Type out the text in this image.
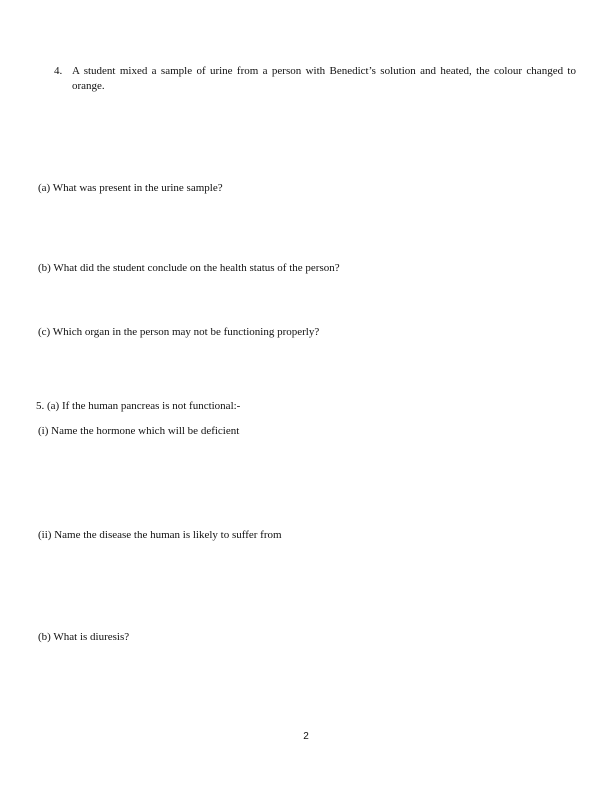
4. A student mixed a sample of urine from a person with Benedict’s solution and heated, the colour changed to orange.
(a) What was present in the urine sample?
(b) What did the student conclude on the health status of the person?
(c) Which organ in the person may not be functioning properly?
5. (a) If the human pancreas is not functional:-
(i) Name the hormone which will be deficient
(ii) Name the disease the human is likely to suffer from
(b) What is diuresis?
2
